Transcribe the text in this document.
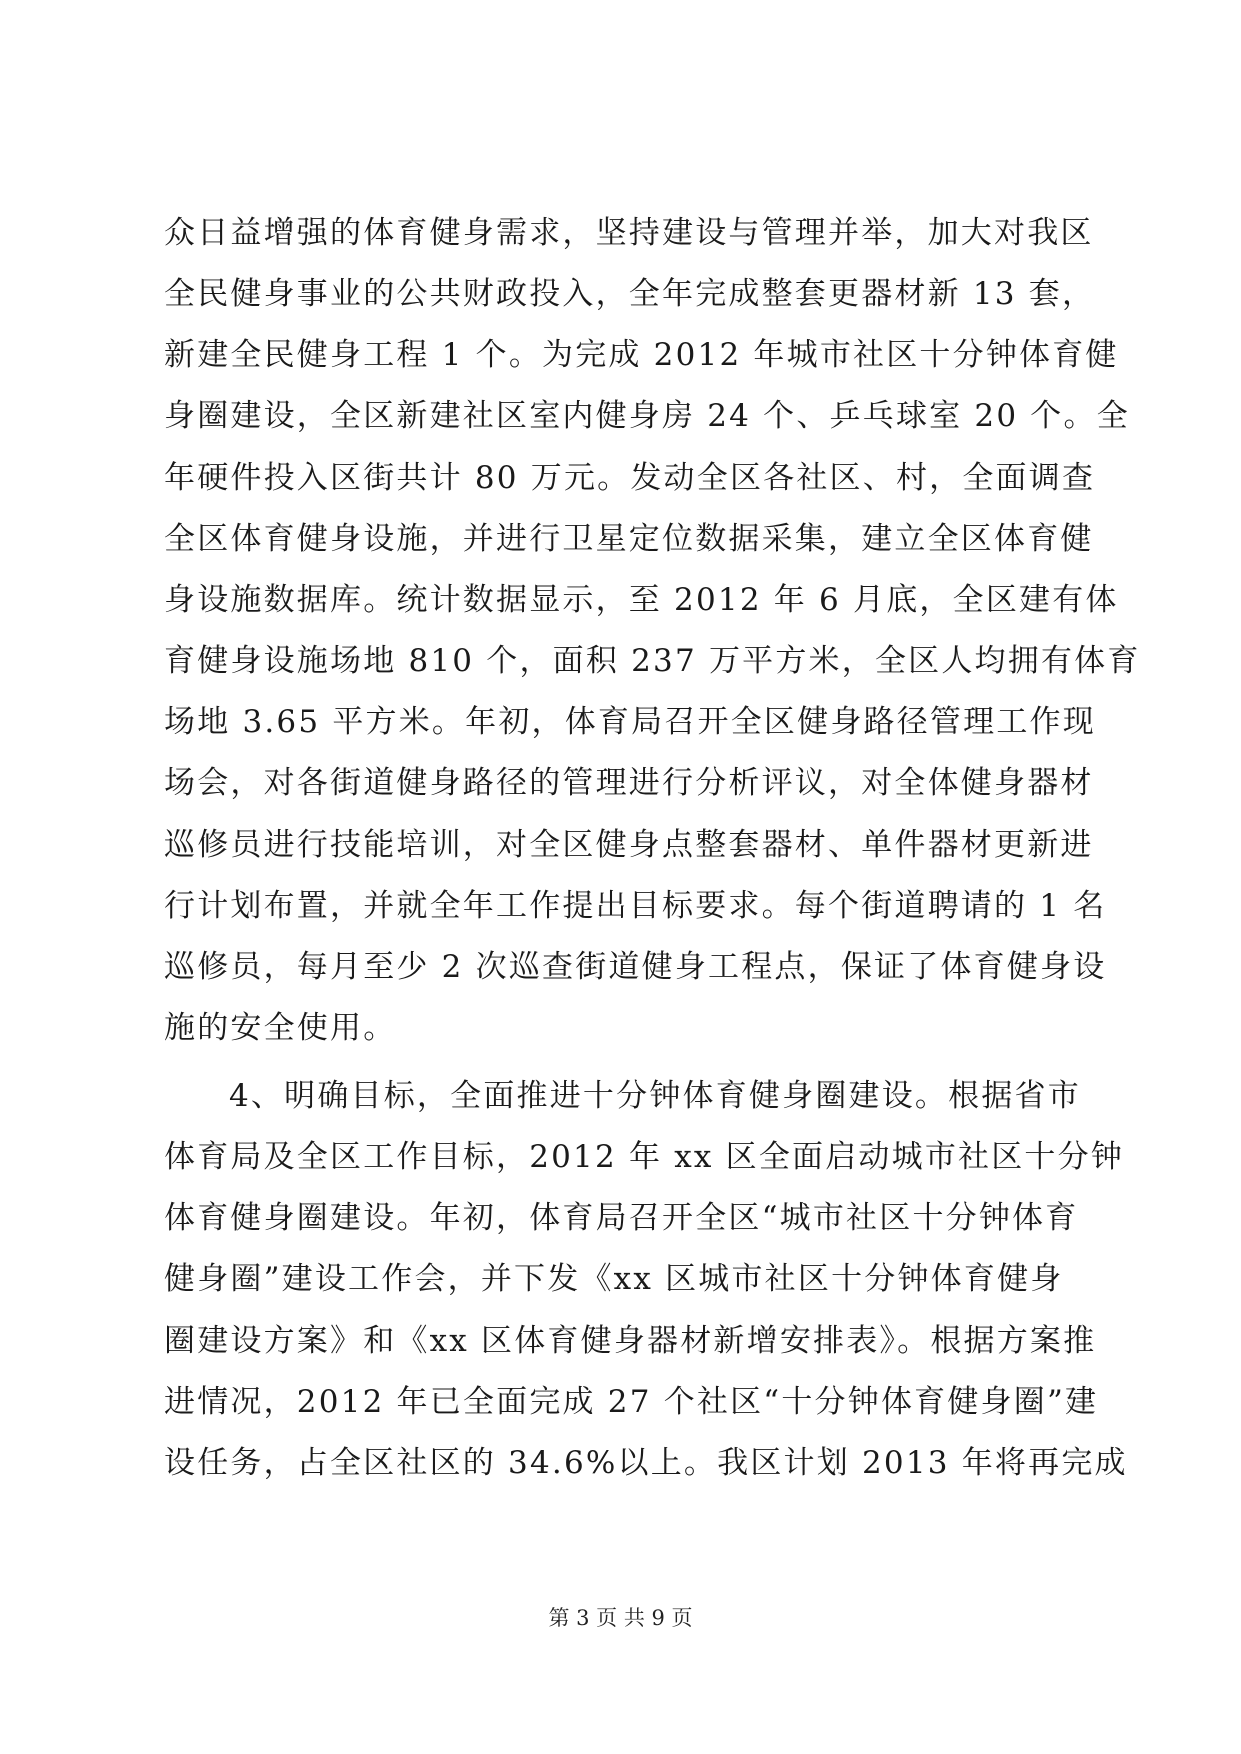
众日益增强的体育健身需求，坚持建设与管理并举，加大对我区
全民健身事业的公共财政投入，全年完成整套更器材新 13 套，
新建全民健身工程 1 个。为完成 2012 年城市社区十分钟体育健
身圈建设，全区新建社区室内健身房 24 个、乒乓球室 20 个。全
年硬件投入区街共计 80 万元。发动全区各社区、村，全面调查
全区体育健身设施，并进行卫星定位数据采集，建立全区体育健
身设施数据库。统计数据显示，至 2012 年 6 月底，全区建有体
育健身设施场地 810 个，面积 237 万平方米，全区人均拥有体育
场地 3.65 平方米。年初，体育局召开全区健身路径管理工作现
场会，对各街道健身路径的管理进行分析评议，对全体健身器材
巡修员进行技能培训，对全区健身点整套器材、单件器材更新进
行计划布置，并就全年工作提出目标要求。每个街道聘请的 1 名
巡修员，每月至少 2 次巡查街道健身工程点，保证了体育健身设
施的安全使用。
4、明确目标，全面推进十分钟体育健身圈建设。根据省市
体育局及全区工作目标，2012 年 xx 区全面启动城市社区十分钟
体育健身圈建设。年初，体育局召开全区“城市社区十分钟体育
健身圈”建设工作会，并下发《xx 区城市社区十分钟体育健身
圈建设方案》和《xx 区体育健身器材新增安排表》。根据方案推
进情况，2012 年已全面完成 27 个社区“十分钟体育健身圈”建
设任务，占全区社区的 34.6%以上。我区计划 2013 年将再完成
第 3 页 共 9 页
